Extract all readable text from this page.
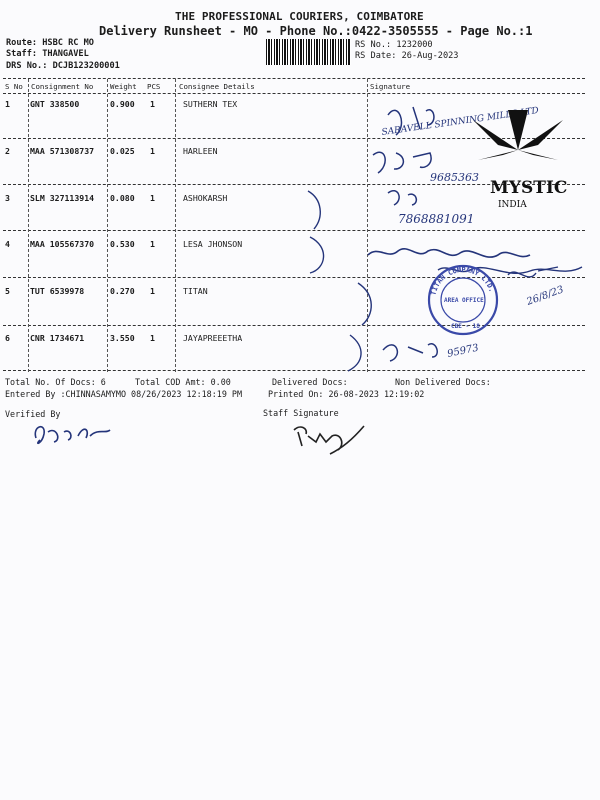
THE PROFESSIONAL COURIERS, COIMBATORE
Delivery Runsheet - MO - Phone No.:0422-3505555 - Page No.:1
Route: HSBC RC MO
Staff: THANGAVEL
DRS No.: DCJB123200001
RS No.: 1232000
RS Date: 26-Aug-2023
S No Consignment No Weight PCS	Consignee Details	Signature
1 GNT 338500	0.900 1	SUTHERN TEX
2 MAA 571308737 0.025 1	HARLEEN
3 SLM 327113914 0.080 1	ASHOKARSH
4 MAA 105567370 0.530 1	LESA JHONSON
5 TUT 6539978	0.270 1	TITAN
6 CNR 1734671	3.550 1	JAYAPREEETHA
SARAVELL SPINNING MILLS LTD
MYSTIC
INDIA
9685363
7868881091
TITAN COMPANY LTD.
AREA OFFICE
CBE - 18
26/8/23
95973
Total No. Of Docs: 6	Total COD Amt: 0.00	Delivered Docs:	Non Delivered Docs:
Entered By :CHINNASAMYMO 08/26/2023 12:18:19 PM	Printed On: 26-08-2023 12:19:02
Verified By	Staff Signature
